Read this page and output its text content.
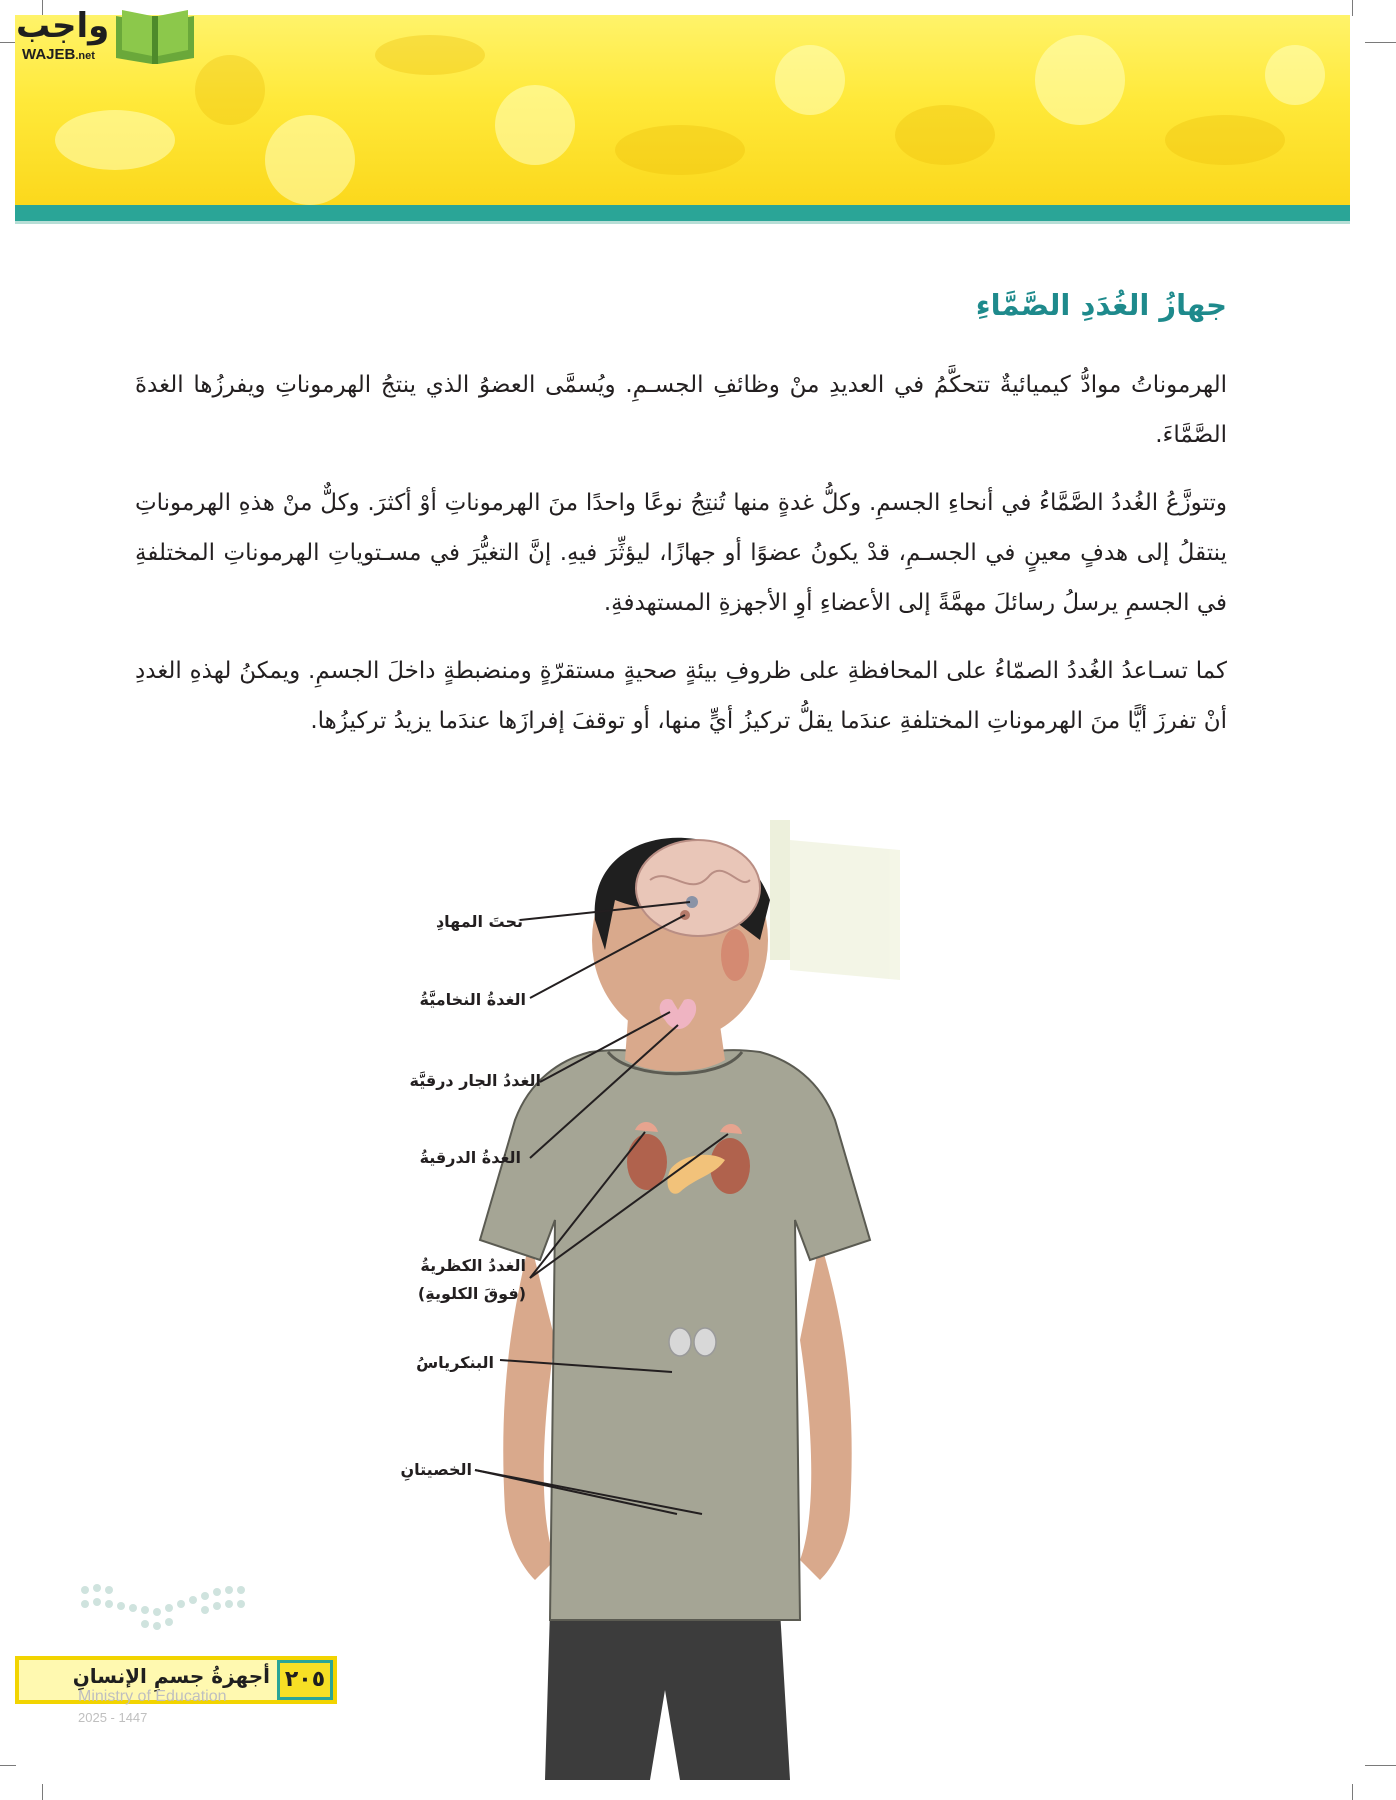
واجب
WAJEB.net
جهازُ الغُدَدِ الصَّمَّاءِ

الهرموناتُ موادُّ كيميائيةٌ تتحكَّمُ في العديدِ منْ وظائفِ الجسـمِ. ويُسمَّى العضوُ الذي ينتجُ الهرموناتِ ويفرزُها الغدةَ الصَّمَّاءَ.

وتتوزَّعُ الغُددُ الصَّمَّاءُ في أنحاءِ الجسمِ. وكلُّ غدةٍ منها تُنتِجُ نوعًا واحدًا منَ الهرموناتِ أوْ أكثرَ. وكلٌّ منْ هذهِ الهرموناتِ ينتقلُ إلى هدفٍ معينٍ في الجسـمِ، قدْ يكونُ عضوًا أو جهازًا، ليؤثِّرَ فيهِ. إنَّ التغيُّرَ في مسـتوياتِ الهرموناتِ المختلفةِ في الجسمِ يرسلُ رسائلَ مهمَّةً إلى الأعضاءِ أوِ الأجهزةِ المستهدفةِ.

كما تسـاعدُ الغُددُ الصمّاءُ على المحافظةِ على ظروفِ بيئةٍ صحيةٍ مستقرّةٍ ومنضبطةٍ داخلَ الجسمِ. ويمكنُ لهذهِ الغددِ أنْ تفرزَ أيًّا منَ الهرموناتِ المختلفةِ عندَما يقلُّ تركيزُ أيٍّ منها، أو توقفَ إفرازَها عندَما يزيدُ تركيزُها.

تحتَ المهادِ
الغدةُ النخاميَّةُ
الغددُ الجار درقيَّة
الغدةُ الدرقيةُ
الغددُ الكظريةُ
(فوقَ الكلويةِ)
البنكرياسُ
الخصيتانِ
أجهزةُ جسمِ الإنسانِ ٢٠٥
Ministry of Education
2025 - 1447
